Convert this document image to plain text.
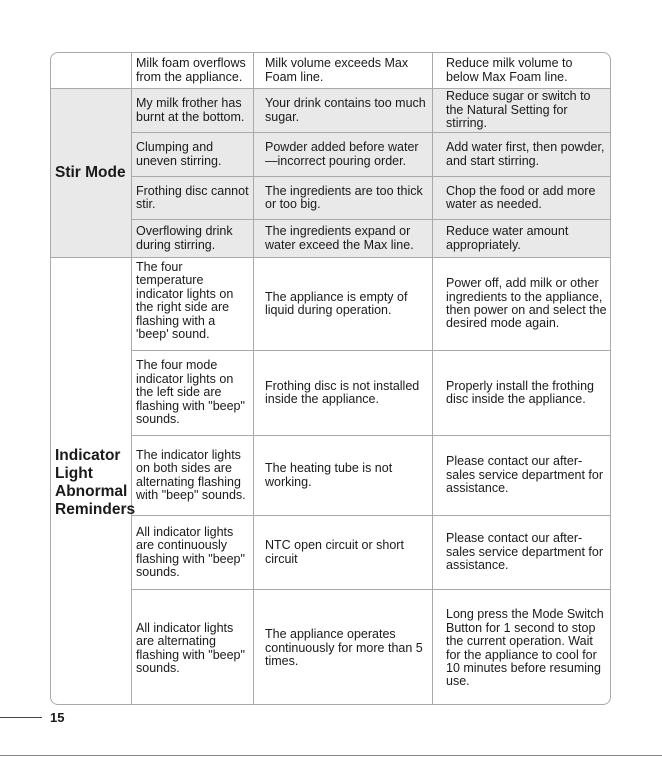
Milk foam overflows from the appliance.
Milk volume exceeds Max Foam line.
Reduce milk volume to below Max Foam line.
Stir Mode
My milk frother has burnt at the bottom.
Your drink contains too much sugar.
Reduce sugar or switch to the Natural Setting for stirring.
Clumping and uneven stirring.
Powder added before water—incorrect pouring order.
Add water first, then powder, and start stirring.
Frothing disc cannot stir.
The ingredients are too thick or too big.
Chop the food or add more water as needed.
Overflowing drink during stirring.
The ingredients expand or water exceed the Max line.
Reduce water amount appropriately.
Indicator Light Abnormal Reminders
The four temperature indicator lights on the right side are flashing with a 'beep' sound.
The appliance is empty of liquid during operation.
Power off, add milk or other ingredients to the appliance, then power on and select the desired mode again.
The four mode indicator lights on the left side are flashing with "beep" sounds.
Frothing disc is not installed inside the appliance.
Properly install the frothing disc inside the appliance.
The indicator lights on both sides are alternating flashing with "beep" sounds.
The heating tube is not working.
Please contact our after-sales service department for assistance.
All indicator lights are continuously flashing with "beep" sounds.
NTC open circuit or short circuit
Please contact our after-sales service department for assistance.
All indicator lights are alternating flashing with "beep" sounds.
The appliance operates continuously for more than 5 times.
Long press the Mode Switch Button for 1 second to stop the current operation. Wait for the appliance to cool for 10 minutes before resuming use.
15
